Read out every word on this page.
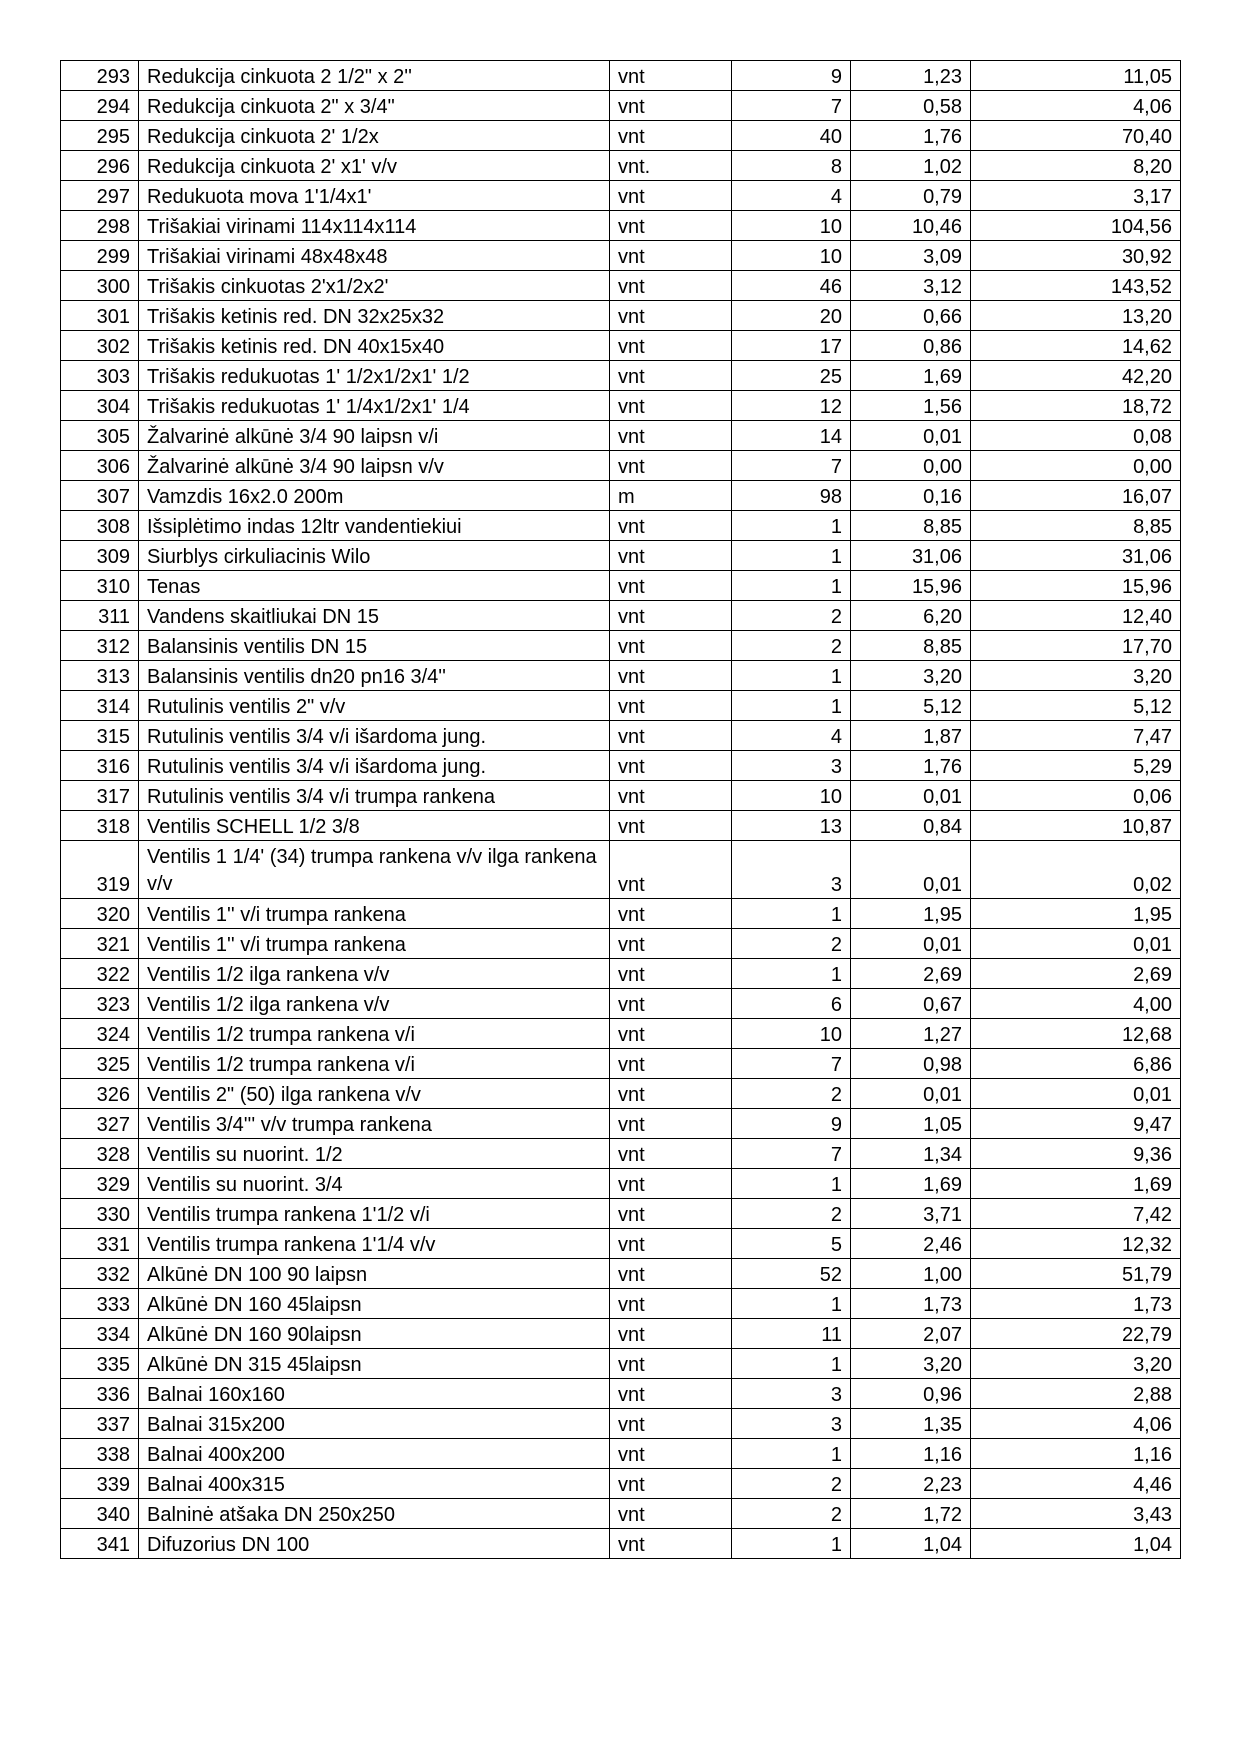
293	Redukcija cinkuota 2 1/2" x 2''	vnt	9	1,23	11,05
294	Redukcija cinkuota 2" x 3/4"	vnt	7	0,58	4,06
295	Redukcija cinkuota 2' 1/2x	vnt	40	1,76	70,40
296	Redukcija cinkuota 2' x1' v/v	vnt.	8	1,02	8,20
297	Redukuota mova 1'1/4x1'	vnt	4	0,79	3,17
298	Trišakiai virinami 114x114x114	vnt	10	10,46	104,56
299	Trišakiai virinami 48x48x48	vnt	10	3,09	30,92
300	Trišakis cinkuotas 2'x1/2x2'	vnt	46	3,12	143,52
301	Trišakis ketinis red. DN 32x25x32	vnt	20	0,66	13,20
302	Trišakis ketinis red. DN 40x15x40	vnt	17	0,86	14,62
303	Trišakis redukuotas 1' 1/2x1/2x1' 1/2	vnt	25	1,69	42,20
304	Trišakis redukuotas 1' 1/4x1/2x1' 1/4	vnt	12	1,56	18,72
305	Žalvarinė alkūnė 3/4 90 laipsn v/i	vnt	14	0,01	0,08
306	Žalvarinė alkūnė 3/4 90 laipsn v/v	vnt	7	0,00	0,00
307	Vamzdis 16x2.0 200m	m	98	0,16	16,07
308	Išsiplėtimo indas 12ltr vandentiekiui	vnt	1	8,85	8,85
309	Siurblys cirkuliacinis Wilo	vnt	1	31,06	31,06
310	Tenas	vnt	1	15,96	15,96
311	Vandens skaitliukai DN 15	vnt	2	6,20	12,40
312	Balansinis ventilis DN 15	vnt	2	8,85	17,70
313	Balansinis ventilis dn20 pn16 3/4''	vnt	1	3,20	3,20
314	Rutulinis ventilis 2" v/v	vnt	1	5,12	5,12
315	Rutulinis ventilis 3/4 v/i išardoma jung.	vnt	4	1,87	7,47
316	Rutulinis ventilis 3/4 v/i išardoma jung.	vnt	3	1,76	5,29
317	Rutulinis ventilis 3/4 v/i trumpa rankena	vnt	10	0,01	0,06
318	Ventilis SCHELL 1/2 3/8	vnt	13	0,84	10,87
319	Ventilis 1 1/4' (34) trumpa rankena v/v ilga rankena v/v	vnt	3	0,01	0,02
320	Ventilis 1'' v/i trumpa rankena	vnt	1	1,95	1,95
321	Ventilis 1'' v/i trumpa rankena	vnt	2	0,01	0,01
322	Ventilis 1/2 ilga rankena v/v	vnt	1	2,69	2,69
323	Ventilis 1/2 ilga rankena v/v	vnt	6	0,67	4,00
324	Ventilis 1/2 trumpa rankena v/i	vnt	10	1,27	12,68
325	Ventilis 1/2 trumpa rankena v/i	vnt	7	0,98	6,86
326	Ventilis 2" (50) ilga rankena v/v	vnt	2	0,01	0,01
327	Ventilis 3/4''' v/v trumpa rankena	vnt	9	1,05	9,47
328	Ventilis su nuorint. 1/2	vnt	7	1,34	9,36
329	Ventilis su nuorint. 3/4	vnt	1	1,69	1,69
330	Ventilis trumpa rankena 1'1/2 v/i	vnt	2	3,71	7,42
331	Ventilis trumpa rankena 1'1/4 v/v	vnt	5	2,46	12,32
332	Alkūnė DN 100 90 laipsn	vnt	52	1,00	51,79
333	Alkūnė DN 160 45laipsn	vnt	1	1,73	1,73
334	Alkūnė DN 160 90laipsn	vnt	11	2,07	22,79
335	Alkūnė DN 315 45laipsn	vnt	1	3,20	3,20
336	Balnai 160x160	vnt	3	0,96	2,88
337	Balnai 315x200	vnt	3	1,35	4,06
338	Balnai 400x200	vnt	1	1,16	1,16
339	Balnai 400x315	vnt	2	2,23	4,46
340	Balninė atšaka DN 250x250	vnt	2	1,72	3,43
341	Difuzorius DN 100	vnt	1	1,04	1,04
